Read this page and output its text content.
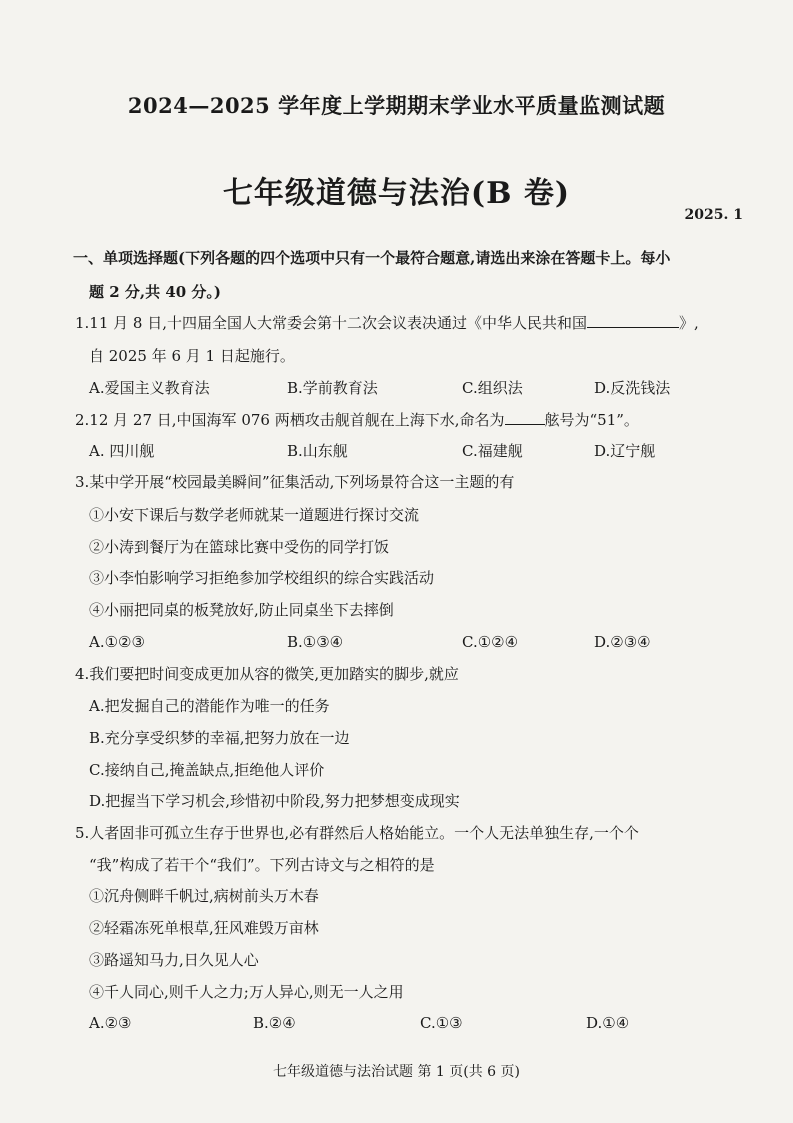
2024—2025 学年度上学期期末学业水平质量监测试题
七年级道德与法治(B 卷)
2025. 1
一、单项选择题(下列各题的四个选项中只有一个最符合题意,请选出来涂在答题卡上。每小
题 2 分,共 40 分。)
1.11 月 8 日,十四届全国人大常委会第十二次会议表决通过《中华人民共和国	》,
自 2025 年 6 月 1 日起施行。
A.爱国主义教育法	B.学前教育法	C.组织法	D.反洗钱法
2.12 月 27 日,中国海军 076 两栖攻击舰首舰在上海下水,命名为	舷号为“51”。
A. 四川舰	B.山东舰	C.福建舰	D.辽宁舰
3.某中学开展“校园最美瞬间”征集活动,下列场景符合这一主题的有
①小安下课后与数学老师就某一道题进行探讨交流
②小涛到餐厅为在篮球比赛中受伤的同学打饭
③小李怕影响学习拒绝参加学校组织的综合实践活动
④小丽把同桌的板凳放好,防止同桌坐下去摔倒
A.①②③	B.①③④	C.①②④	D.②③④
4.我们要把时间变成更加从容的微笑,更加踏实的脚步,就应
A.把发掘自己的潜能作为唯一的任务
B.充分享受织梦的幸福,把努力放在一边
C.接纳自己,掩盖缺点,拒绝他人评价
D.把握当下学习机会,珍惜初中阶段,努力把梦想变成现实
5.人者固非可孤立生存于世界也,必有群然后人格始能立。一个人无法单独生存,一个个
“我”构成了若干个“我们”。下列古诗文与之相符的是
①沉舟侧畔千帆过,病树前头万木春
②轻霜冻死单根草,狂风难毁万亩林
③路遥知马力,日久见人心
④千人同心,则千人之力;万人异心,则无一人之用
A.②③	B.②④	C.①③	D.①④
七年级道德与法治试题 第 1 页(共 6 页)
